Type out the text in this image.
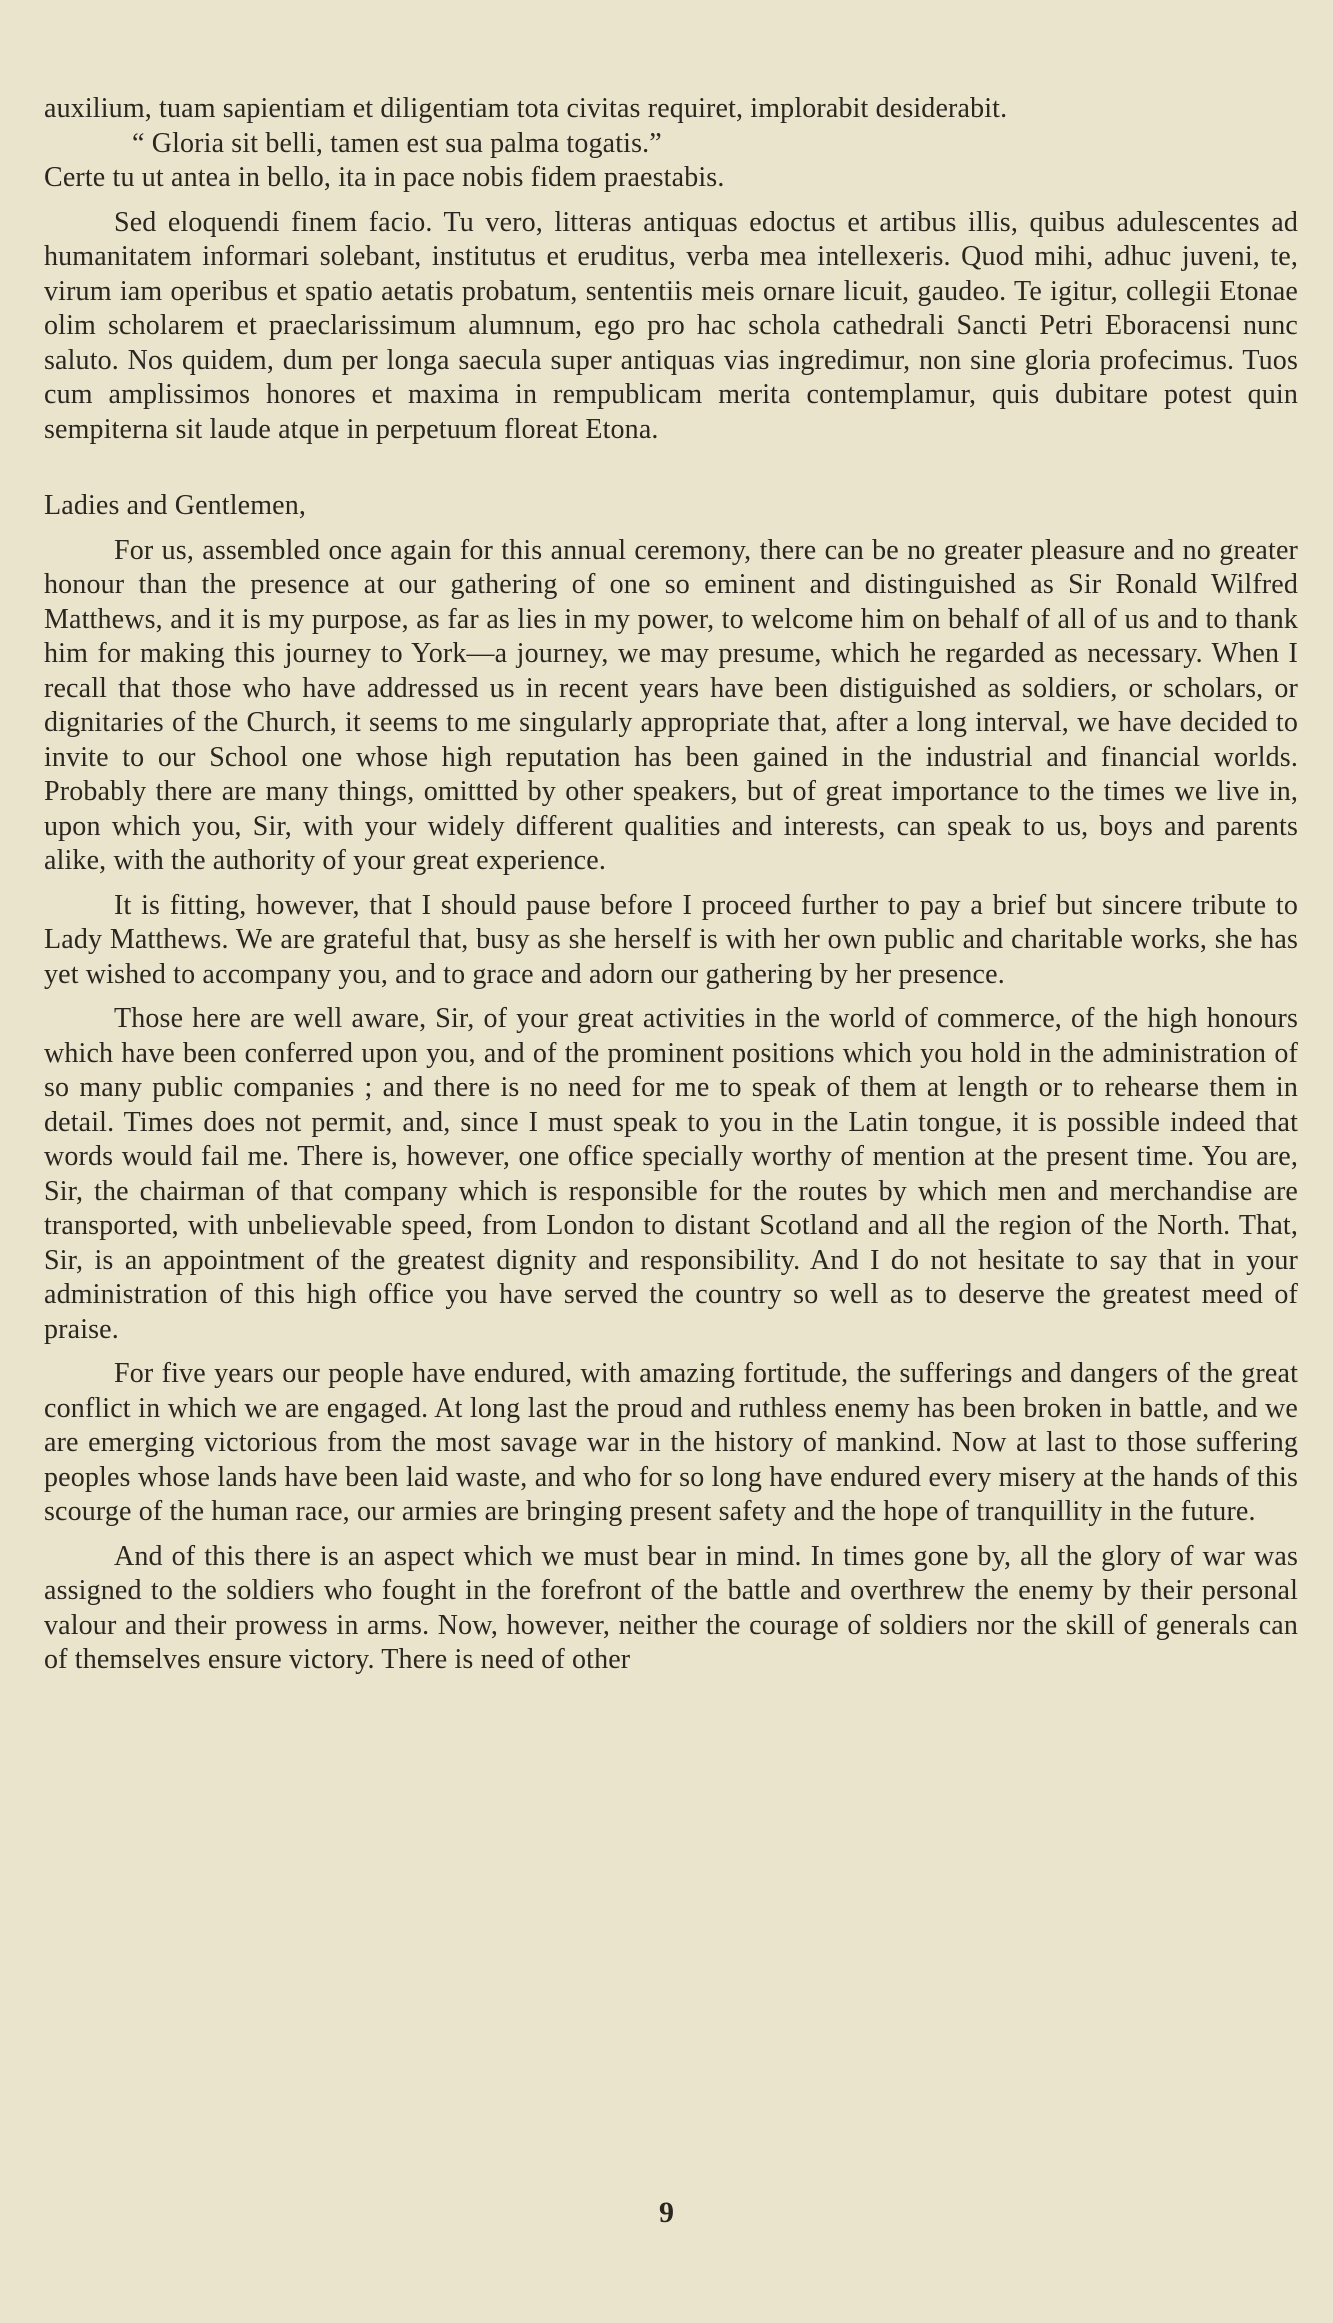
auxilium, tuam sapientiam et diligentiam tota civitas requiret, implorabit desiderabit.

“ Gloria sit belli, tamen est sua palma togatis.”

Certe tu ut antea in bello, ita in pace nobis fidem praestabis.

Sed eloquendi finem facio. Tu vero, litteras antiquas edoctus et artibus illis, quibus adulescentes ad humanitatem informari solebant, institutus et eruditus, verba mea intellexeris. Quod mihi, adhuc juveni, te, virum iam operibus et spatio aetatis probatum, sententiis meis ornare licuit, gaudeo. Te igitur, collegii Etonae olim scholarem et praeclarissimum alumnum, ego pro hac schola cathedrali Sancti Petri Eboracensi nunc saluto. Nos quidem, dum per longa saecula super antiquas vias ingredimur, non sine gloria profecimus. Tuos cum amplissimos honores et maxima in rempublicam merita contemplamur, quis dubitare potest quin sempiterna sit laude atque in perpetuum floreat Etona.

Ladies and Gentlemen,

For us, assembled once again for this annual ceremony, there can be no greater pleasure and no greater honour than the presence at our gathering of one so eminent and distinguished as Sir Ronald Wilfred Matthews, and it is my purpose, as far as lies in my power, to welcome him on behalf of all of us and to thank him for making this journey to York—a journey, we may presume, which he regarded as necessary. When I recall that those who have addressed us in recent years have been distiguished as soldiers, or scholars, or dignitaries of the Church, it seems to me singularly appropriate that, after a long interval, we have decided to invite to our School one whose high reputation has been gained in the industrial and financial worlds. Probably there are many things, omittted by other speakers, but of great importance to the times we live in, upon which you, Sir, with your widely different qualities and interests, can speak to us, boys and parents alike, with the authority of your great experience.

It is fitting, however, that I should pause before I proceed further to pay a brief but sincere tribute to Lady Matthews. We are grateful that, busy as she herself is with her own public and charitable works, she has yet wished to accompany you, and to grace and adorn our gathering by her presence.

Those here are well aware, Sir, of your great activities in the world of commerce, of the high honours which have been conferred upon you, and of the prominent positions which you hold in the administration of so many public companies ; and there is no need for me to speak of them at length or to rehearse them in detail. Times does not permit, and, since I must speak to you in the Latin tongue, it is possible indeed that words would fail me. There is, however, one office specially worthy of mention at the present time. You are, Sir, the chairman of that company which is responsible for the routes by which men and merchandise are transported, with unbelievable speed, from London to distant Scotland and all the region of the North. That, Sir, is an appointment of the greatest dignity and responsibility. And I do not hesitate to say that in your administration of this high office you have served the country so well as to deserve the greatest meed of praise.

For five years our people have endured, with amazing fortitude, the sufferings and dangers of the great conflict in which we are engaged. At long last the proud and ruthless enemy has been broken in battle, and we are emerging victorious from the most savage war in the history of mankind. Now at last to those suffering peoples whose lands have been laid waste, and who for so long have endured every misery at the hands of this scourge of the human race, our armies are bringing present safety and the hope of tranquillity in the future.

And of this there is an aspect which we must bear in mind. In times gone by, all the glory of war was assigned to the soldiers who fought in the forefront of the battle and overthrew the enemy by their personal valour and their prowess in arms. Now, however, neither the courage of soldiers nor the skill of generals can of themselves ensure victory. There is need of other

9
